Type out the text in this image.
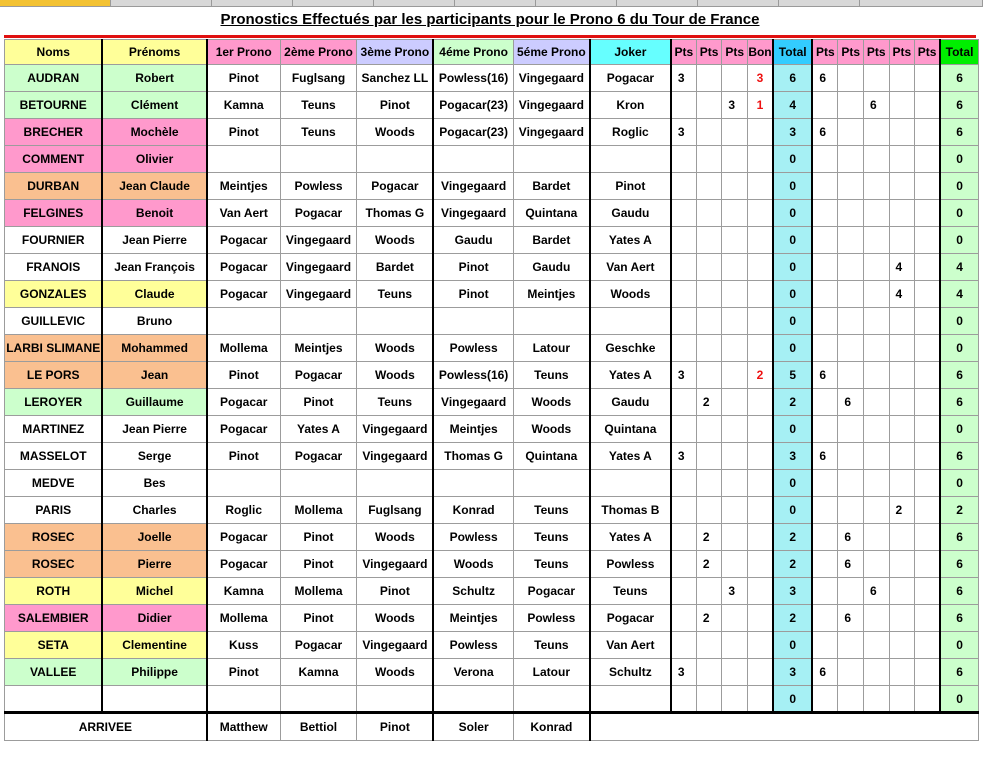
Pronostics Effectués par les participants pour le Prono 6 du Tour de France
Noms	Prénoms	1er Prono	2ème Prono	3ème Prono	4éme Prono	5éme Prono	Joker	Pts	Pts	Pts	Bon	Total	Pts	Pts	Pts	Pts	Pts	Total
AUDRAN	Robert	Pinot	Fuglsang	Sanchez LL	Powless(16)	Vingegaard	Pogacar	3			3	6	6					6
BETOURNE	Clément	Kamna	Teuns	Pinot	Pogacar(23)	Vingegaard	Kron			3	1	4			6			6
BRECHER	Mochèle	Pinot	Teuns	Woods	Pogacar(23)	Vingegaard	Roglic	3				3	6					6
COMMENT	Olivier											0						0
DURBAN	Jean Claude	Meintjes	Powless	Pogacar	Vingegaard	Bardet	Pinot					0						0
FELGINES	Benoit	Van Aert	Pogacar	Thomas G	Vingegaard	Quintana	Gaudu					0						0
FOURNIER	Jean Pierre	Pogacar	Vingegaard	Woods	Gaudu	Bardet	Yates A					0						0
FRANOIS	Jean François	Pogacar	Vingegaard	Bardet	Pinot	Gaudu	Van Aert					0				4		4
GONZALES	Claude	Pogacar	Vingegaard	Teuns	Pinot	Meintjes	Woods					0				4		4
GUILLEVIC	Bruno											0						0
LARBI SLIMANE	Mohammed	Mollema	Meintjes	Woods	Powless	Latour	Geschke					0						0
LE PORS	Jean	Pinot	Pogacar	Woods	Powless(16)	Teuns	Yates A	3			2	5	6					6
LEROYER	Guillaume	Pogacar	Pinot	Teuns	Vingegaard	Woods	Gaudu		2			2		6				6
MARTINEZ	Jean Pierre	Pogacar	Yates A	Vingegaard	Meintjes	Woods	Quintana					0						0
MASSELOT	Serge	Pinot	Pogacar	Vingegaard	Thomas G	Quintana	Yates A	3				3	6					6
MEDVE	Bes											0						0
PARIS	Charles	Roglic	Mollema	Fuglsang	Konrad	Teuns	Thomas B					0				2		2
ROSEC	Joelle	Pogacar	Pinot	Woods	Powless	Teuns	Yates A		2			2		6				6
ROSEC	Pierre	Pogacar	Pinot	Vingegaard	Woods	Teuns	Powless		2			2		6				6
ROTH	Michel	Kamna	Mollema	Pinot	Schultz	Pogacar	Teuns			3		3			6			6
SALEMBIER	Didier	Mollema	Pinot	Woods	Meintjes	Powless	Pogacar		2			2		6				6
SETA	Clementine	Kuss	Pogacar	Vingegaard	Powless	Teuns	Van Aert					0						0
VALLEE	Philippe	Pinot	Kamna	Woods	Verona	Latour	Schultz	3				3	6					6
												0						0
ARRIVEE		Matthew	Bettiol	Pinot	Soler	Konrad												
